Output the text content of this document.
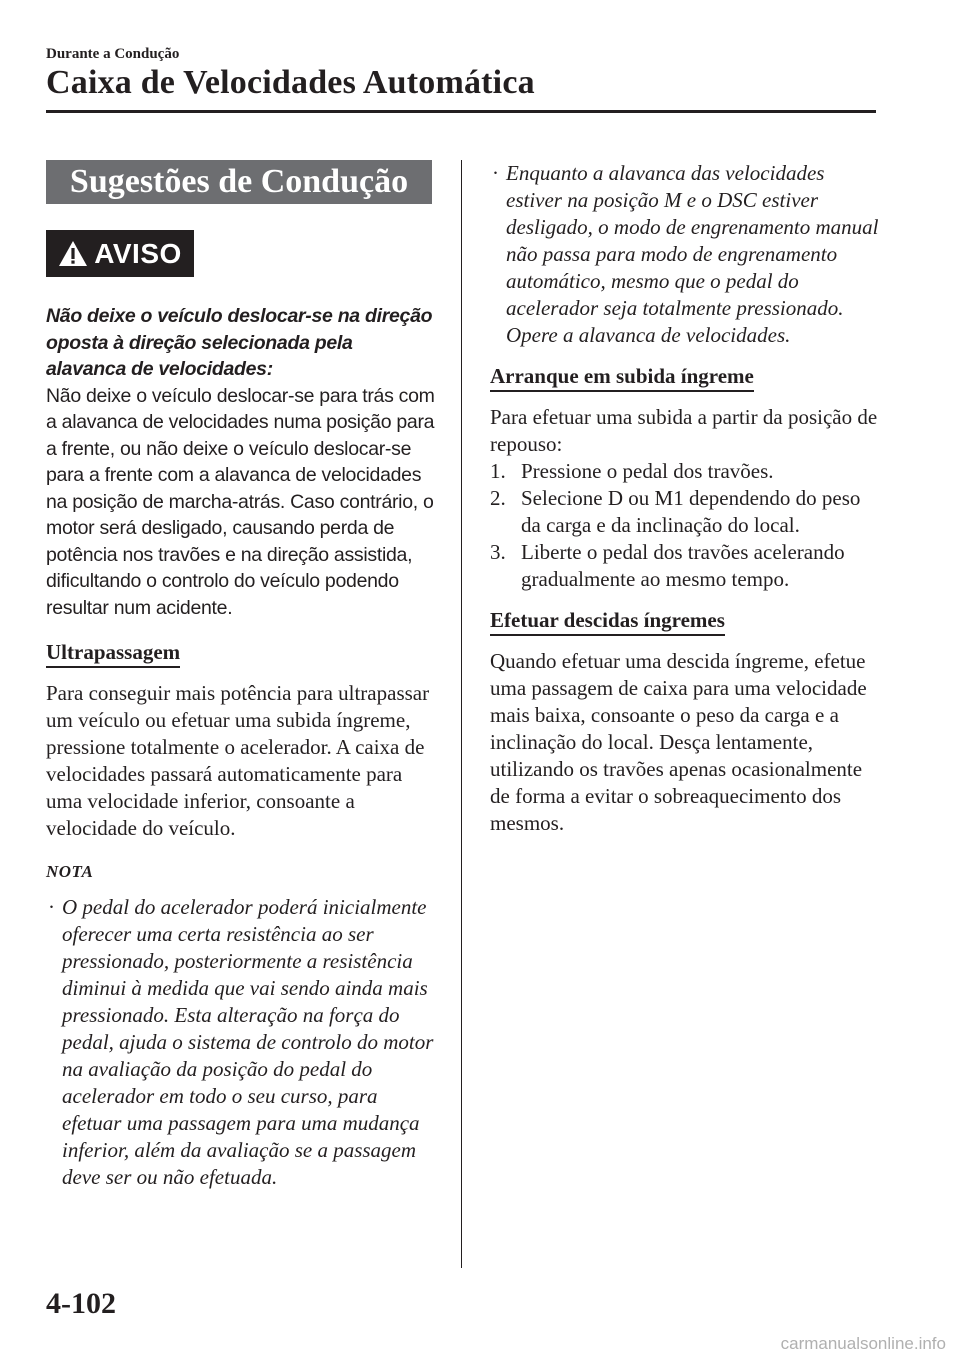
Durante a Condução
Caixa de Velocidades Automática
Sugestões de Condução
AVISO
Não deixe o veículo deslocar-se na direção oposta à direção selecionada pela alavanca de velocidades:
Não deixe o veículo deslocar-se para trás com a alavanca de velocidades numa posição para a frente, ou não deixe o veículo deslocar-se para a frente com a alavanca de velocidades na posição de marcha-atrás. Caso contrário, o motor será desligado, causando perda de potência nos travões e na direção assistida, dificultando o controlo do veículo podendo resultar num acidente.
Ultrapassagem
Para conseguir mais potência para ultrapassar um veículo ou efetuar uma subida íngreme, pressione totalmente o acelerador. A caixa de velocidades passará automaticamente para uma velocidade inferior, consoante a velocidade do veículo.
NOTA
· O pedal do acelerador poderá inicialmente oferecer uma certa resistência ao ser pressionado, posteriormente a resistência diminui à medida que vai sendo ainda mais pressionado. Esta alteração na força do pedal, ajuda o sistema de controlo do motor na avaliação da posição do pedal do acelerador em todo o seu curso, para efetuar uma passagem para uma mudança inferior, além da avaliação se a passagem deve ser ou não efetuada.
· Enquanto a alavanca das velocidades estiver na posição M e o DSC estiver desligado, o modo de engrenamento manual não passa para modo de engrenamento automático, mesmo que o pedal do acelerador seja totalmente pressionado. Opere a alavanca de velocidades.
Arranque em subida íngreme
Para efetuar uma subida a partir da posição de repouso:
1. Pressione o pedal dos travões.
2. Selecione D ou M1 dependendo do peso da carga e da inclinação do local.
3. Liberte o pedal dos travões acelerando gradualmente ao mesmo tempo.
Efetuar descidas íngremes
Quando efetuar uma descida íngreme, efetue uma passagem de caixa para uma velocidade mais baixa, consoante o peso da carga e a inclinação do local. Desça lentamente, utilizando os travões apenas ocasionalmente de forma a evitar o sobreaquecimento dos mesmos.
4-102
carmanualsonline.info
